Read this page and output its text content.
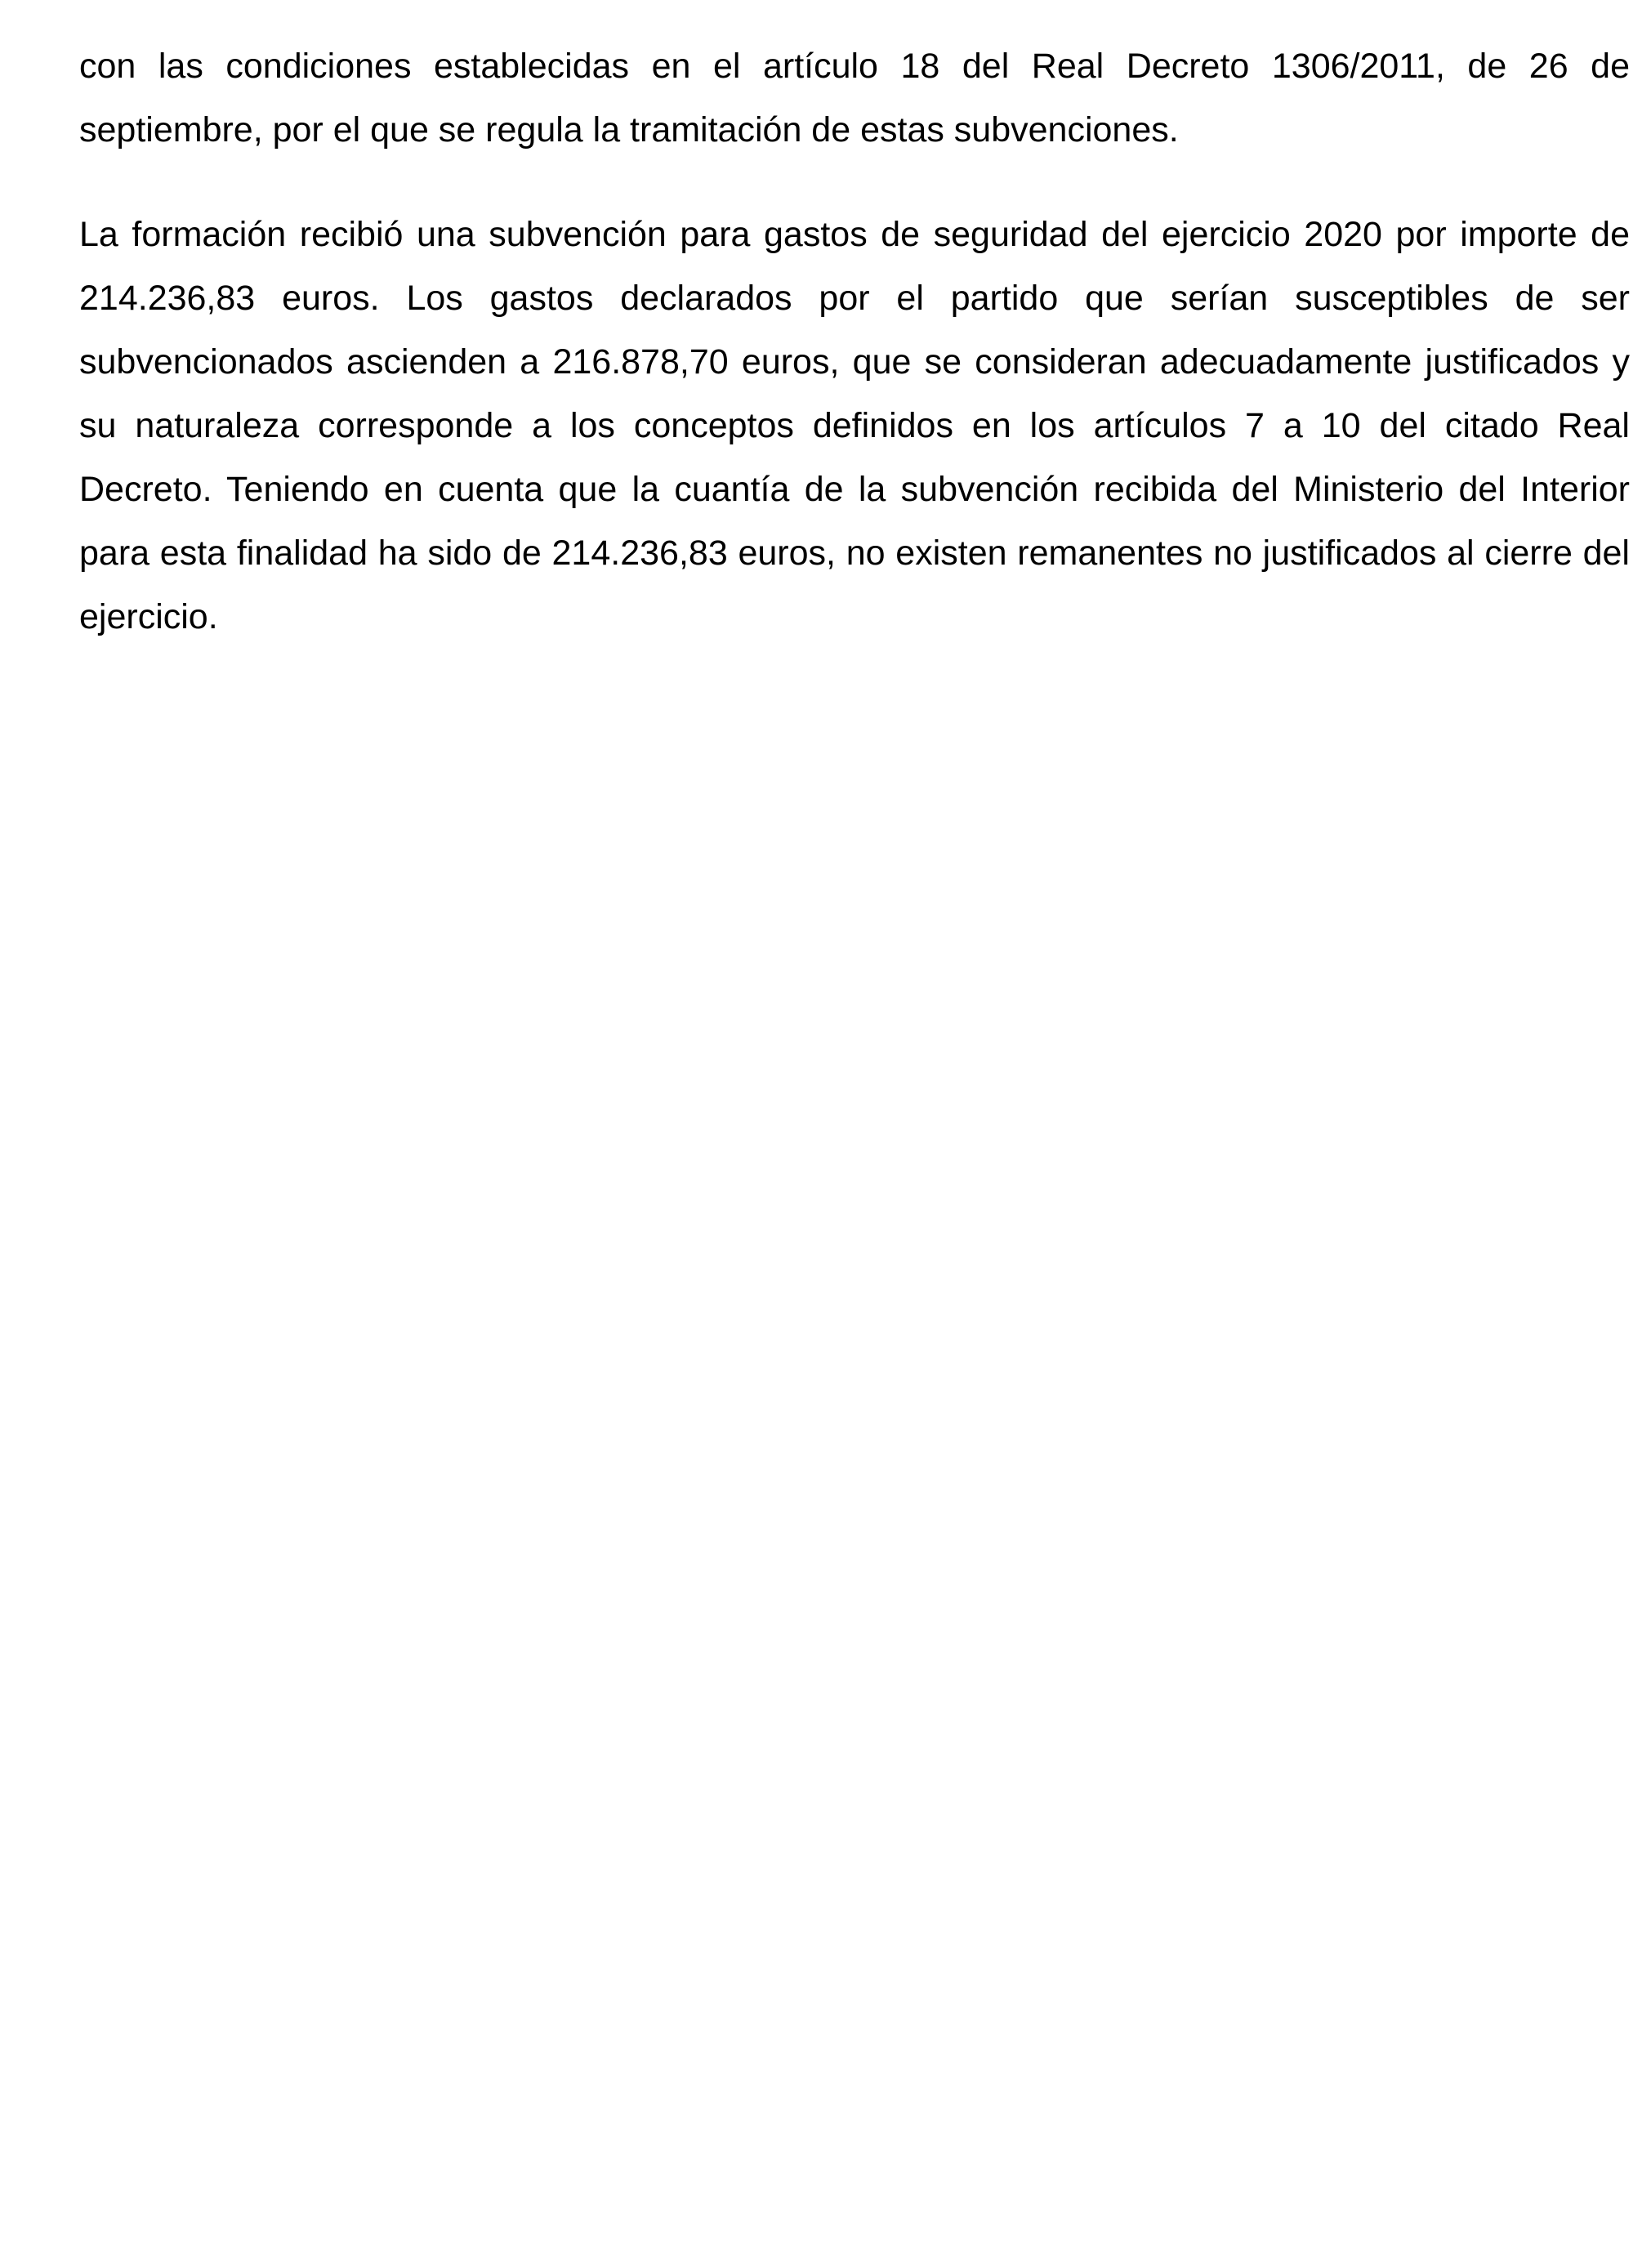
con las condiciones establecidas en el artículo 18 del Real Decreto 1306/2011, de 26 de septiembre, por el que se regula la tramitación de estas subvenciones.

La formación recibió una subvención para gastos de seguridad del ejercicio 2020 por importe de 214.236,83 euros. Los gastos declarados por el partido que serían susceptibles de ser subvencionados ascienden a 216.878,70 euros, que se consideran adecuadamente justificados y su naturaleza corresponde a los conceptos definidos en los artículos 7 a 10 del citado Real Decreto. Teniendo en cuenta que la cuantía de la subvención recibida del Ministerio del Interior para esta finalidad ha sido de 214.236,83 euros, no existen remanentes no justificados al cierre del ejercicio.
